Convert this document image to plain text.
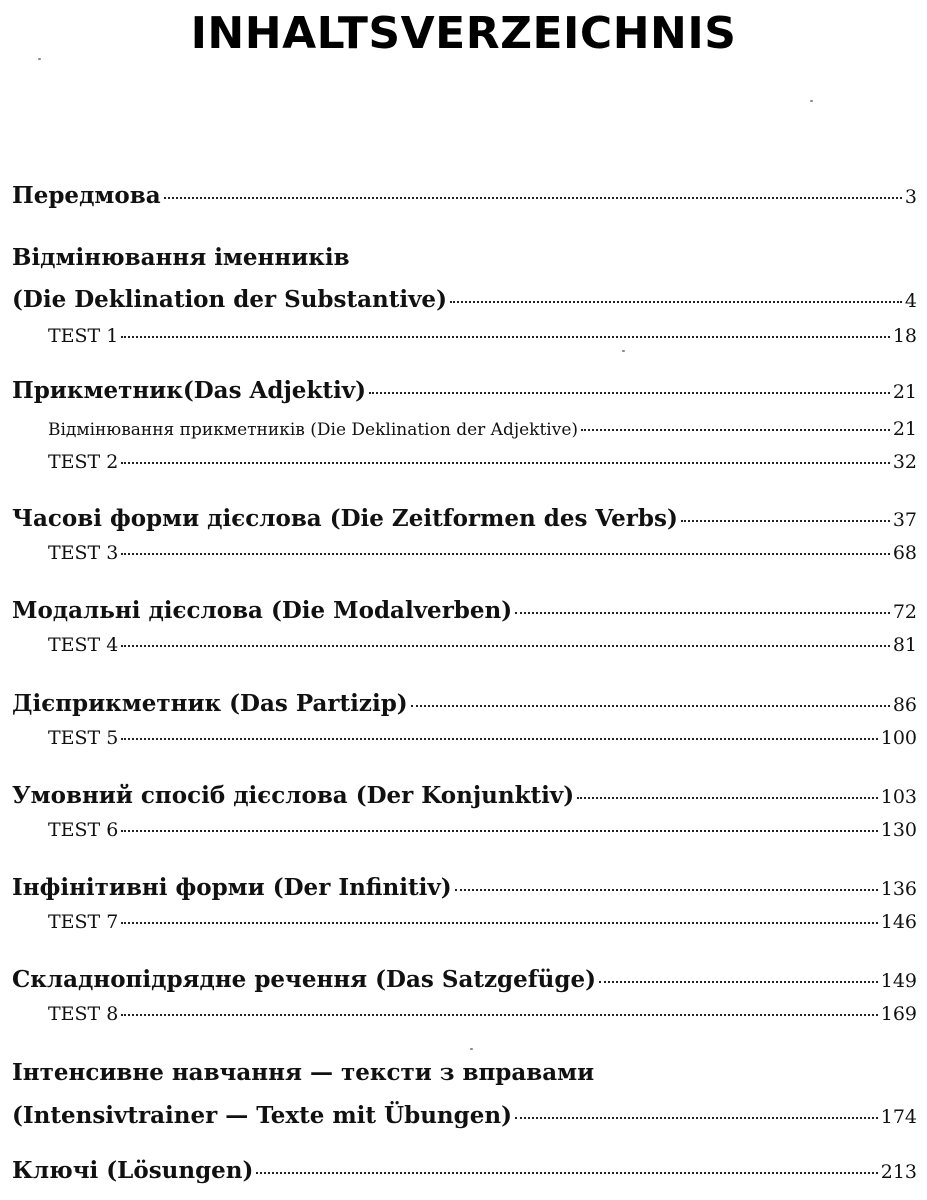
INHALTSVERZEICHNIS
Передмова	3
Відмінювання іменників
(Die Deklination der Substantive)	4
TEST 1	18
Прикметник(Das Adjektiv)	21
Відмінювання прикметників (Die Deklination der Adjektive)	21
TEST 2	32
Часові форми дієслова (Die Zeitformen des Verbs)	37
TEST 3	68
Модальні дієслова (Die Modalverben)	72
TEST 4	81
Дієприкметник (Das Partizip)	86
TEST 5	100
Умовний спосіб дієслова (Der Konjunktiv)	103
TEST 6	130
Інфінітивні форми (Der Infinitiv)	136
TEST 7	146
Складнопідрядне речення (Das Satzgefüge)	149
TEST 8	169
Інтенсивне навчання — тексти з вправами
(Intensivtrainer — Texte mit Übungen)	174
Ключі (Lösungen)	213
